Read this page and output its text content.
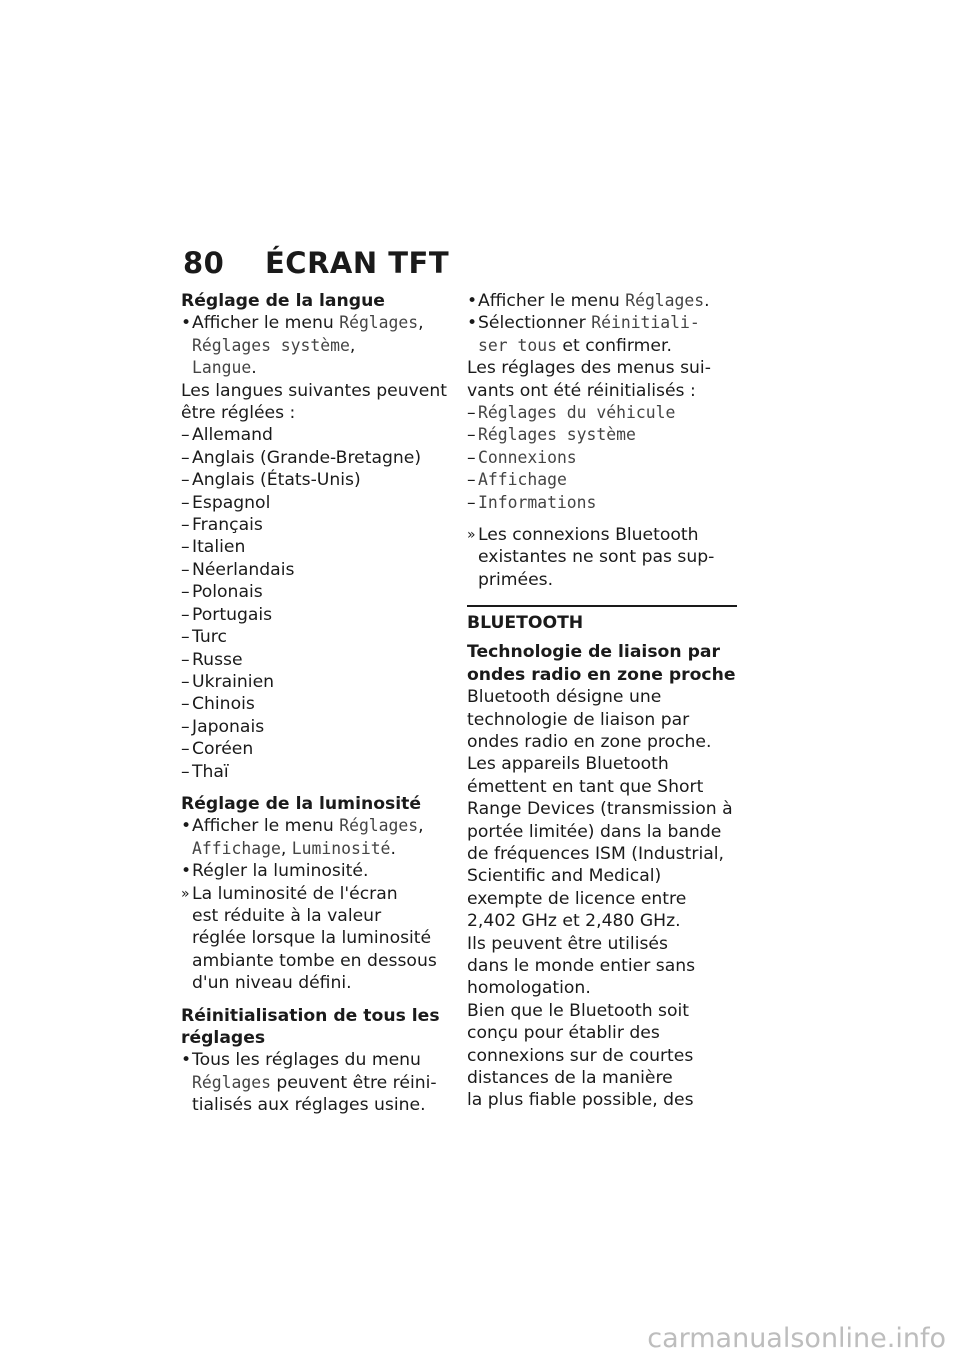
80 ÉCRAN TFT
Réglage de la langue
• Afficher le menu Réglages,
Réglages système,
Langue.

Les langues suivantes peuvent

être réglées :

– Allemand
– Anglais (Grande-Bretagne)
– Anglais (États-Unis)
– Espagnol
– Français
– Italien
– Néerlandais
– Polonais
– Portugais
– Turc
– Russe
– Ukrainien
– Chinois
– Japonais
– Coréen
– Thaï
Réglage de la luminosité
• Afficher le menu Réglages,
Affichage, Luminosité.
• Régler la luminosité.
» La luminosité de l'écran
est réduite à la valeur
réglée lorsque la luminosité
ambiante tombe en dessous
d'un niveau défini.
Réinitialisation de tous les
réglages
• Tous les réglages du menu
Réglages peuvent être réini-
tialisés aux réglages usine.
• Afficher le menu Réglages.
• Sélectionner Réinitiali-
ser tous et confirmer.

Les réglages des menus sui-

vants ont été réinitialisés :

– Réglages du véhicule
– Réglages système
– Connexions
– Affichage
– Informations
» Les connexions Bluetooth
existantes ne sont pas sup-
primées.
BLUETOOTH
Technologie de liaison par
ondes radio en zone proche
Bluetooth désigne une
technologie de liaison par
ondes radio en zone proche.
Les appareils Bluetooth
émettent en tant que Short
Range Devices (transmission à
portée limitée) dans la bande
de fréquences ISM (Industrial,
Scientific and Medical)
exempte de licence entre
2,402 GHz et 2,480 GHz.
Ils peuvent être utilisés
dans le monde entier sans
homologation.
Bien que le Bluetooth soit
conçu pour établir des
connexions sur de courtes
distances de la manière
la plus fiable possible, des
carmanualsonline.info
